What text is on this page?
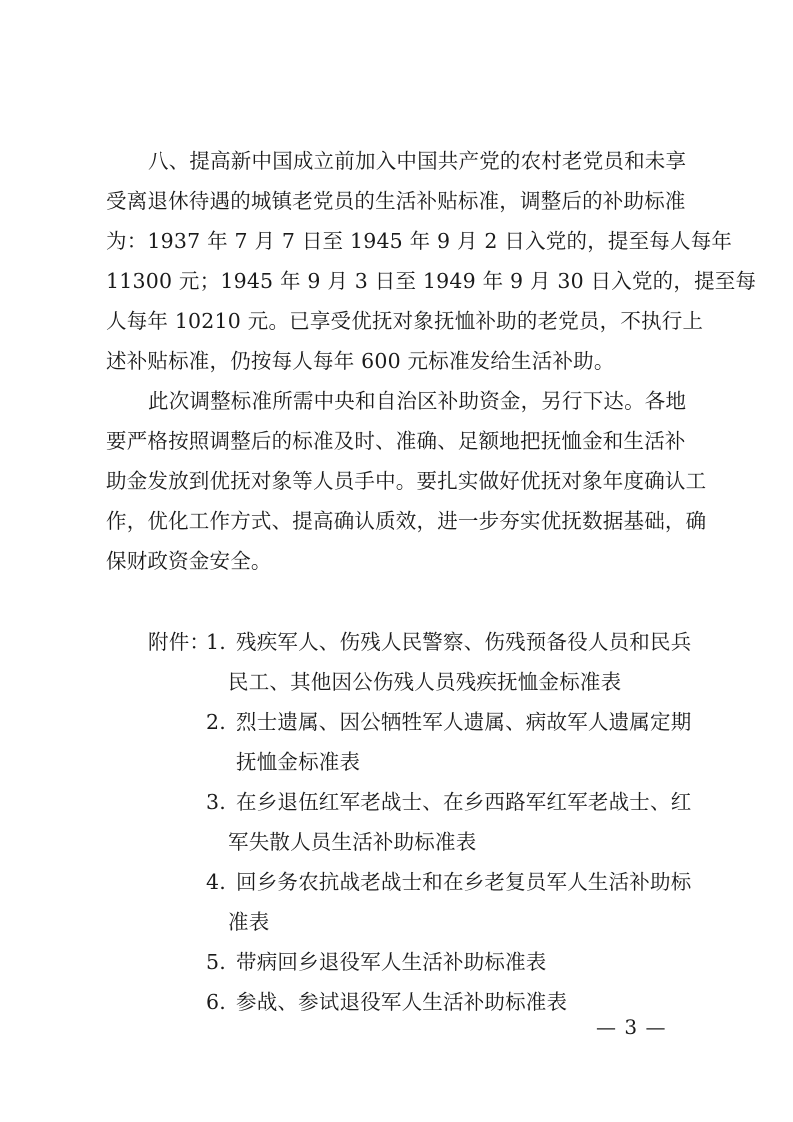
八、提高新中国成立前加入中国共产党的农村老党员和未享
受离退休待遇的城镇老党员的生活补贴标准，调整后的补助标准
为：1937 年 7 月 7 日至 1945 年 9 月 2 日入党的，提至每人每年
11300 元；1945 年 9 月 3 日至 1949 年 9 月 30 日入党的，提至每
人每年 10210 元。已享受优抚对象抚恤补助的老党员，不执行上
述补贴标准，仍按每人每年 600 元标准发给生活补助。
此次调整标准所需中央和自治区补助资金，另行下达。各地
要严格按照调整后的标准及时、准确、足额地把抚恤金和生活补
助金发放到优抚对象等人员手中。要扎实做好优抚对象年度确认工
作，优化工作方式、提高确认质效，进一步夯实优抚数据基础，确
保财政资金安全。
附件：
1. 残疾军人、伤残人民警察、伤残预备役人员和民兵
民工、其他因公伤残人员残疾抚恤金标准表
2. 烈士遗属、因公牺牲军人遗属、病故军人遗属定期
抚恤金标准表
3. 在乡退伍红军老战士、在乡西路军红军老战士、红
军失散人员生活补助标准表
4. 回乡务农抗战老战士和在乡老复员军人生活补助标
准表
5. 带病回乡退役军人生活补助标准表
6. 参战、参试退役军人生活补助标准表
— 3 —
